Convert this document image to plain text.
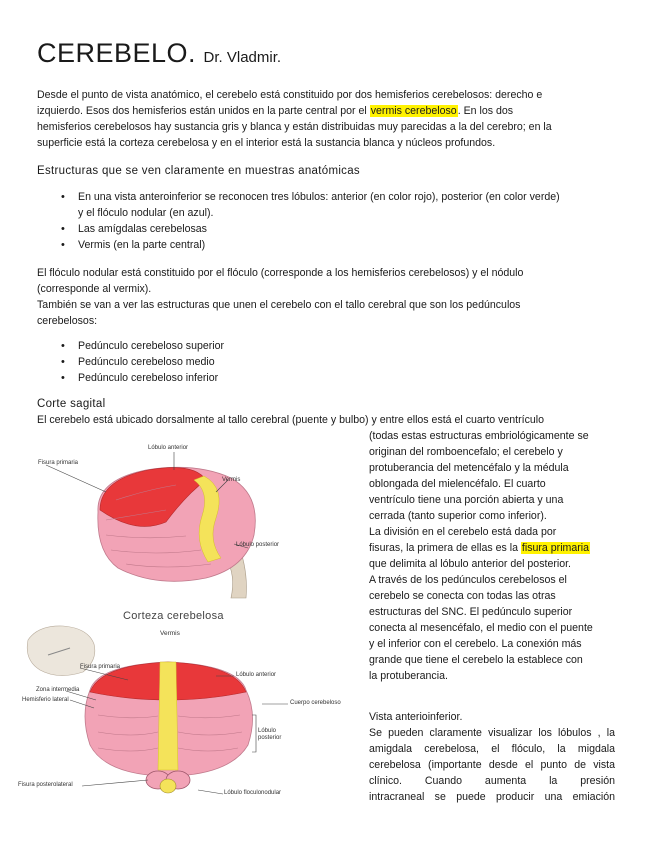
CEREBELO. Dr. Vladmir.
Desde el punto de vista anatómico, el cerebelo está constituido por dos hemisferios cerebelosos: derecho e
izquierdo. Esos dos hemisferios están unidos en la parte central por el vermis cerebeloso. En los dos
hemisferios cerebelosos hay sustancia gris y blanca y están distribuidas muy parecidas a la del cerebro; en la
superficie está la corteza cerebelosa y en el interior está la sustancia blanca y núcleos profundos.
Estructuras que se ven claramente en muestras anatómicas
• En una vista anteroinferior se reconocen tres lóbulos: anterior (en color rojo), posterior (en color verde)
y el flóculo nodular (en azul).
• Las amígdalas cerebelosas
• Vermis (en la parte central)
El flóculo nodular está constituido por el flóculo (corresponde a los hemisferios cerebelosos) y el nódulo
(corresponde al vermix).
También se van a ver las estructuras que unen el cerebelo con el tallo cerebral que son los pedúnculos
cerebelosos:
• Pedúnculo cerebeloso superior
• Pedúnculo cerebeloso medio
• Pedúnculo cerebeloso inferior
Corte sagital
El cerebelo está ubicado dorsalmente al tallo cerebral (puente y bulbo) y entre ellos está el cuarto ventrículo
(todas estas estructuras embriológicamente se
originan del romboencefalo; el cerebelo y
protuberancia del metencéfalo y la médula
oblongada del mielencéfalo. El cuarto
ventrículo tiene una porción abierta y una
cerrada (tanto superior como inferior).
La división en el cerebelo está dada por
fisuras, la primera de ellas es la fisura primaria
que delimita al lóbulo anterior del posterior.
A través de los pedúnculos cerebelosos el
cerebelo se conecta con todas las otras
estructuras del SNC. El pedúnculo superior
conecta al mesencéfalo, el medio con el puente
y el inferior con el cerebelo. La conexión más
grande que tiene el cerebelo la establece con
la protuberancia.
Vista anterioinferior.
Se pueden claramente visualizar los lóbulos , la
amigdala cerebelosa, el flóculo, la migdala
cerebelosa (importante desde el punto de vista
clínico. Cuando aumenta la presión
intracraneal se puede producir una emiación
Fisura primaria
Lóbulo anterior
Vermis
Lóbulo posterior
Corteza cerebelosa
Vermis
Fisura primaria
Lóbulo anterior
Zona intermedia
Hemisferio lateral	Cuerpo cerebeloso
Lóbulo posterior
Fisura posterolateral
Lóbulo floculonodular
